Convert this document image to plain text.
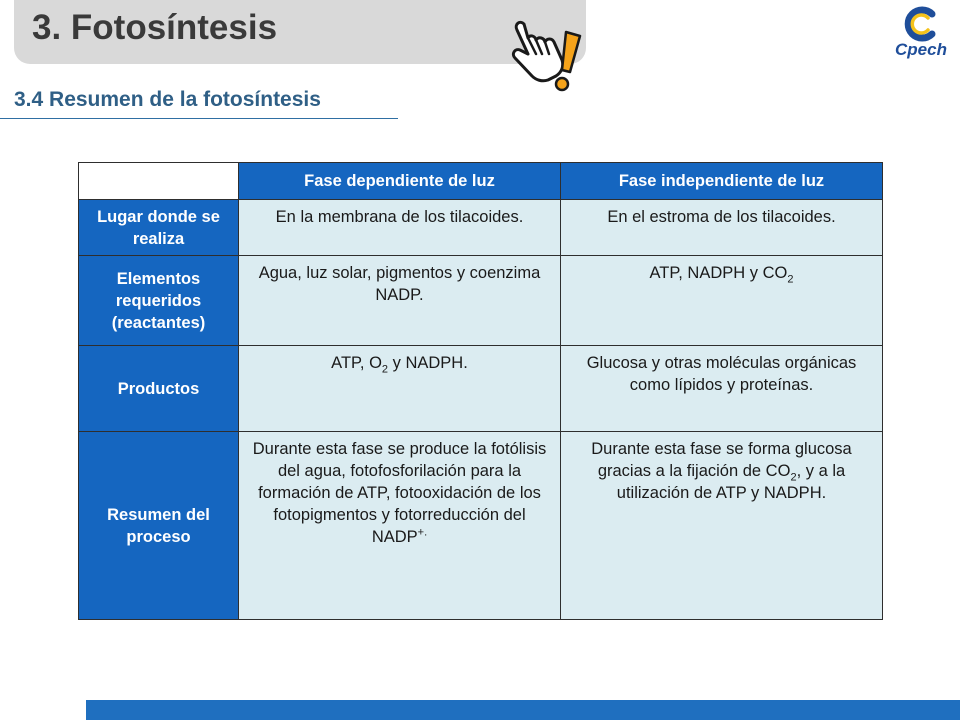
3. Fotosíntesis
Cpech
3.4 Resumen de la fotosíntesis
	Fase dependiente de luz	Fase independiente de luz
Lugar donde se realiza	En la membrana de los tilacoides.	En el estroma de los tilacoides.
Elementos requeridos (reactantes)	Agua, luz solar, pigmentos y coenzima NADP.	ATP, NADPH y $CO_2$
Productos	ATP, $O_2$ y NADPH.	Glucosa y otras moléculas orgánicas como lípidos y proteínas.
Resumen del proceso	Durante esta fase se produce la fotólisis del agua, fotofosforilación para la formación de ATP, fotooxidación de los fotopigmentos y fotorreducción del NADP+.	Durante esta fase se forma glucosa gracias a la fijación de $CO_2$, y a la utilización de ATP y NADPH.
